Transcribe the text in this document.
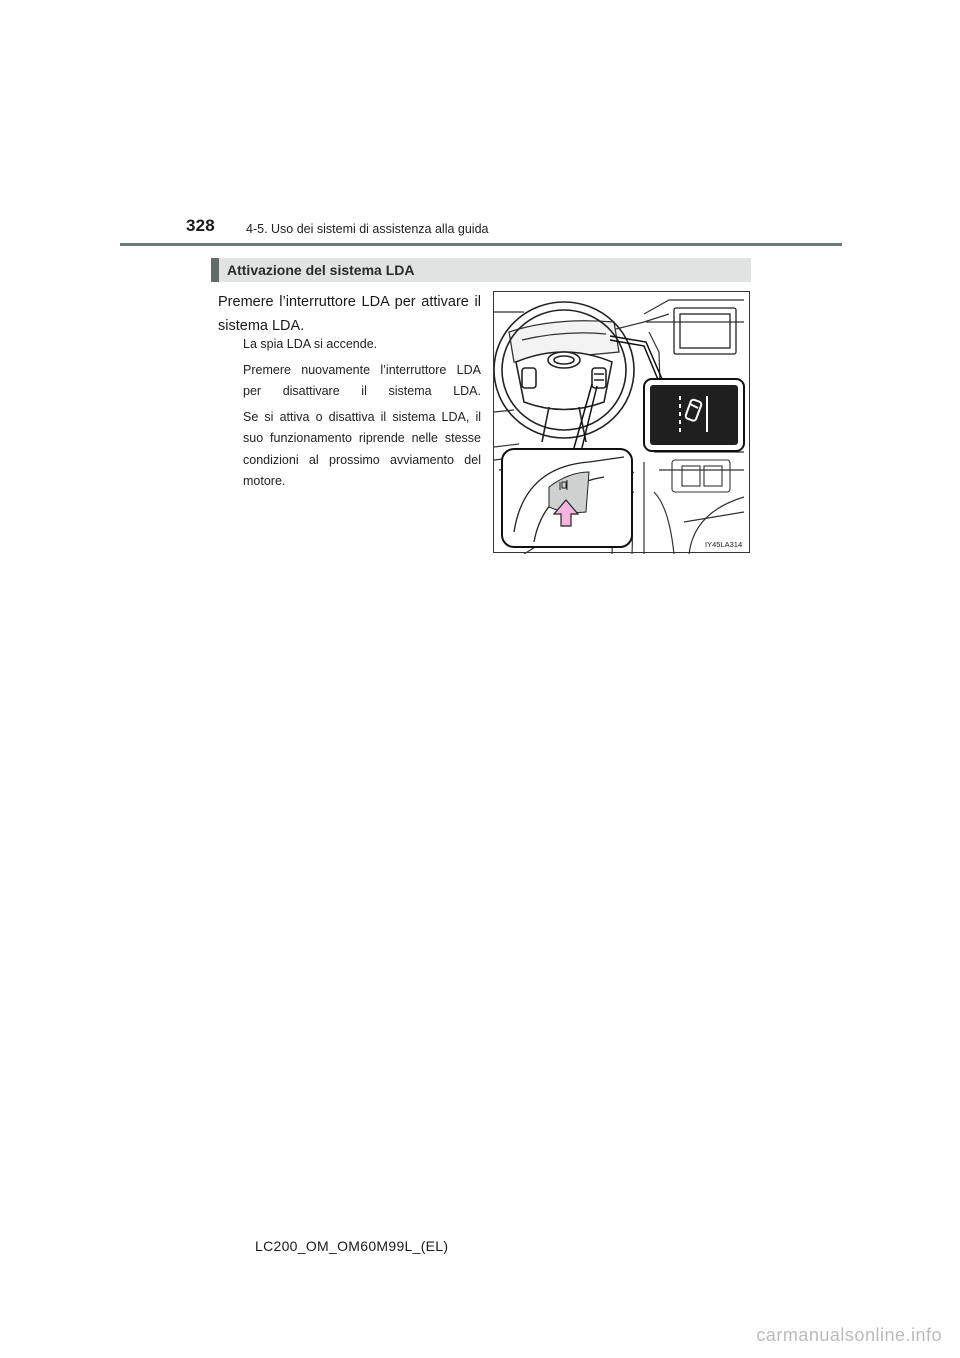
328 4-5. Uso dei sistemi di assistenza alla guida
Attivazione del sistema LDA
Premere l’interruttore LDA per attivare il sistema LDA.

La spia LDA si accende.

Premere nuovamente l’interruttore LDA per disattivare il sistema LDA.

Se si attiva o disattiva il sistema LDA, il suo funzionamento riprende nelle stesse condizioni al prossimo avviamento del motore.

IY45LA314
LC200_OM_OM60M99L_(EL)
carmanualsonline.info
